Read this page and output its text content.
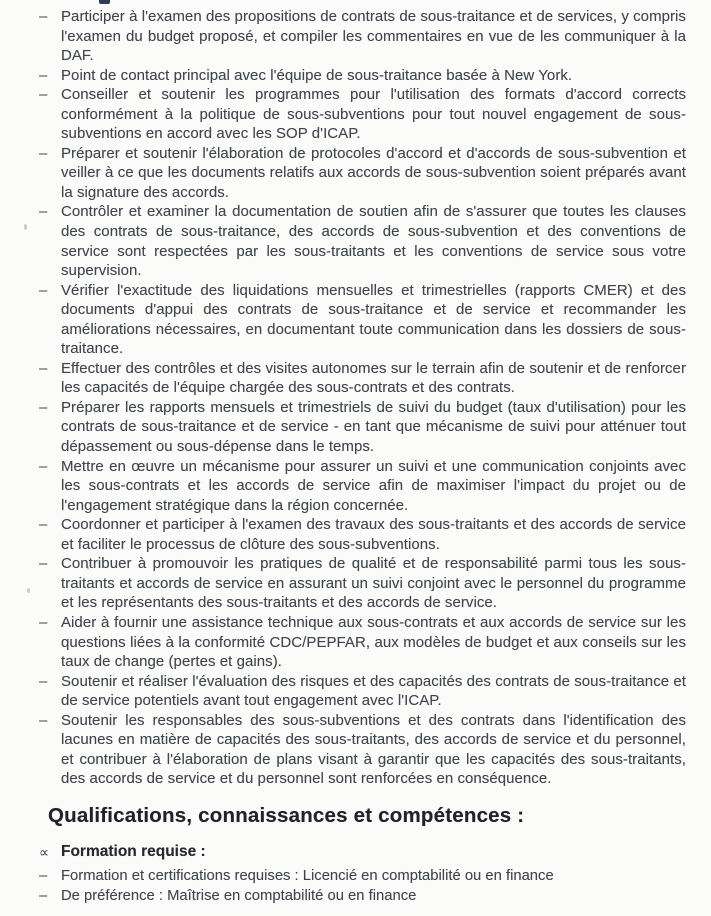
– Participer à l'examen des propositions de contrats de sous-traitance et de services, y compris l'examen du budget proposé, et compiler les commentaires en vue de les communiquer à la DAF.
– Point de contact principal avec l'équipe de sous-traitance basée à New York.
– Conseiller et soutenir les programmes pour l'utilisation des formats d'accord corrects conformément à la politique de sous-subventions pour tout nouvel engagement de sous-subventions en accord avec les SOP d'ICAP.
– Préparer et soutenir l'élaboration de protocoles d'accord et d'accords de sous-subvention et veiller à ce que les documents relatifs aux accords de sous-subvention soient préparés avant la signature des accords.
– Contrôler et examiner la documentation de soutien afin de s'assurer que toutes les clauses des contrats de sous-traitance, des accords de sous-subvention et des conventions de service sont respectées par les sous-traitants et les conventions de service sous votre supervision.
– Vérifier l'exactitude des liquidations mensuelles et trimestrielles (rapports CMER) et des documents d'appui des contrats de sous-traitance et de service et recommander les améliorations nécessaires, en documentant toute communication dans les dossiers de sous-traitance.
– Effectuer des contrôles et des visites autonomes sur le terrain afin de soutenir et de renforcer les capacités de l'équipe chargée des sous-contrats et des contrats.
– Préparer les rapports mensuels et trimestriels de suivi du budget (taux d'utilisation) pour les contrats de sous-traitance et de service - en tant que mécanisme de suivi pour atténuer tout dépassement ou sous-dépense dans le temps.
– Mettre en œuvre un mécanisme pour assurer un suivi et une communication conjoints avec les sous-contrats et les accords de service afin de maximiser l'impact du projet ou de l'engagement stratégique dans la région concernée.
– Coordonner et participer à l'examen des travaux des sous-traitants et des accords de service et faciliter le processus de clôture des sous-subventions.
– Contribuer à promouvoir les pratiques de qualité et de responsabilité parmi tous les sous-traitants et accords de service en assurant un suivi conjoint avec le personnel du programme et les représentants des sous-traitants et des accords de service.
– Aider à fournir une assistance technique aux sous-contrats et aux accords de service sur les questions liées à la conformité CDC/PEPFAR, aux modèles de budget et aux conseils sur les taux de change (pertes et gains).
– Soutenir et réaliser l'évaluation des risques et des capacités des contrats de sous-traitance et de service potentiels avant tout engagement avec l'ICAP.
– Soutenir les responsables des sous-subventions et des contrats dans l'identification des lacunes en matière de capacités des sous-traitants, des accords de service et du personnel, et contribuer à l'élaboration de plans visant à garantir que les capacités des sous-traitants, des accords de service et du personnel sont renforcées en conséquence.
Qualifications, connaissances et compétences :
∝ Formation requise :
– Formation et certifications requises : Licencié en comptabilité ou en finance
– De préférence : Maîtrise en comptabilité ou en finance
